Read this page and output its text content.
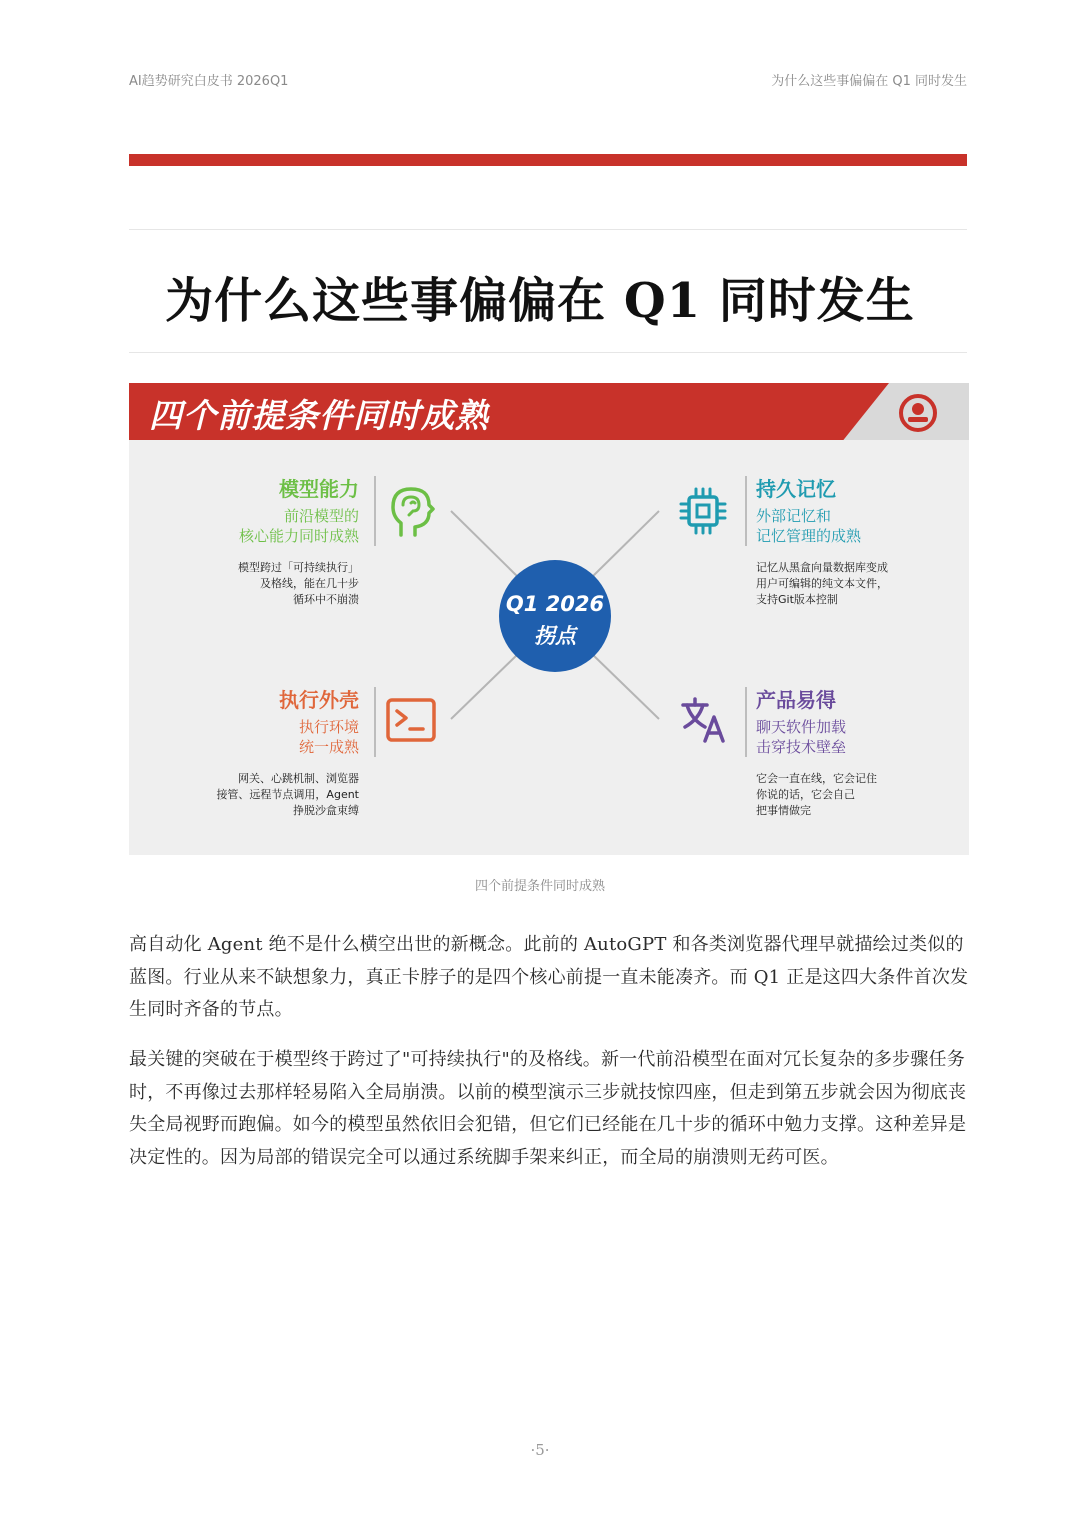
AI趋势研究白皮书 2026Q1	为什么这些事偏偏在 Q1 同时发生
为什么这些事偏偏在 Q1 同时发生
四个前提条件同时成熟
Q1 2026
拐点
模型能力
前沿模型的
核心能力同时成熟
模型跨过「可持续执行」
及格线，能在几十步
循环中不崩溃
持久记忆
外部记忆和
记忆管理的成熟
记忆从黑盒向量数据库变成
用户可编辑的纯文本文件，
支持Git版本控制
执行外壳
执行环境
统一成熟
网关、心跳机制、浏览器
接管、远程节点调用，Agent
挣脱沙盒束缚
产品易得
聊天软件加载
击穿技术壁垒
它会一直在线，它会记住
你说的话，它会自己
把事情做完
四个前提条件同时成熟

高自动化 Agent 绝不是什么横空出世的新概念。此前的 AutoGPT 和各类浏览器代理早就描绘过类似的蓝图。行业从来不缺想象力，真正卡脖子的是四个核心前提一直未能凑齐。而 Q1 正是这四大条件首次发生同时齐备的节点。

最关键的突破在于模型终于跨过了"可持续执行"的及格线。新一代前沿模型在面对冗长复杂的多步骤任务时，不再像过去那样轻易陷入全局崩溃。以前的模型演示三步就技惊四座，但走到第五步就会因为彻底丧失全局视野而跑偏。如今的模型虽然依旧会犯错，但它们已经能在几十步的循环中勉力支撑。这种差异是决定性的。因为局部的错误完全可以通过系统脚手架来纠正，而全局的崩溃则无药可医。

·5·
